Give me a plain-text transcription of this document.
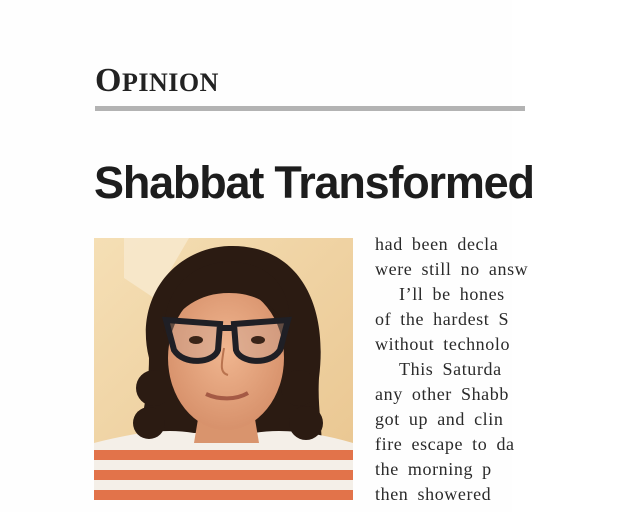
OPINION
Shabbat Transformed
had been decla
were still no answ
I’ll be hones
of the hardest S
without technolo
This Saturda
any other Shabb
got up and clin
fire escape to da
the morning p
then showered
